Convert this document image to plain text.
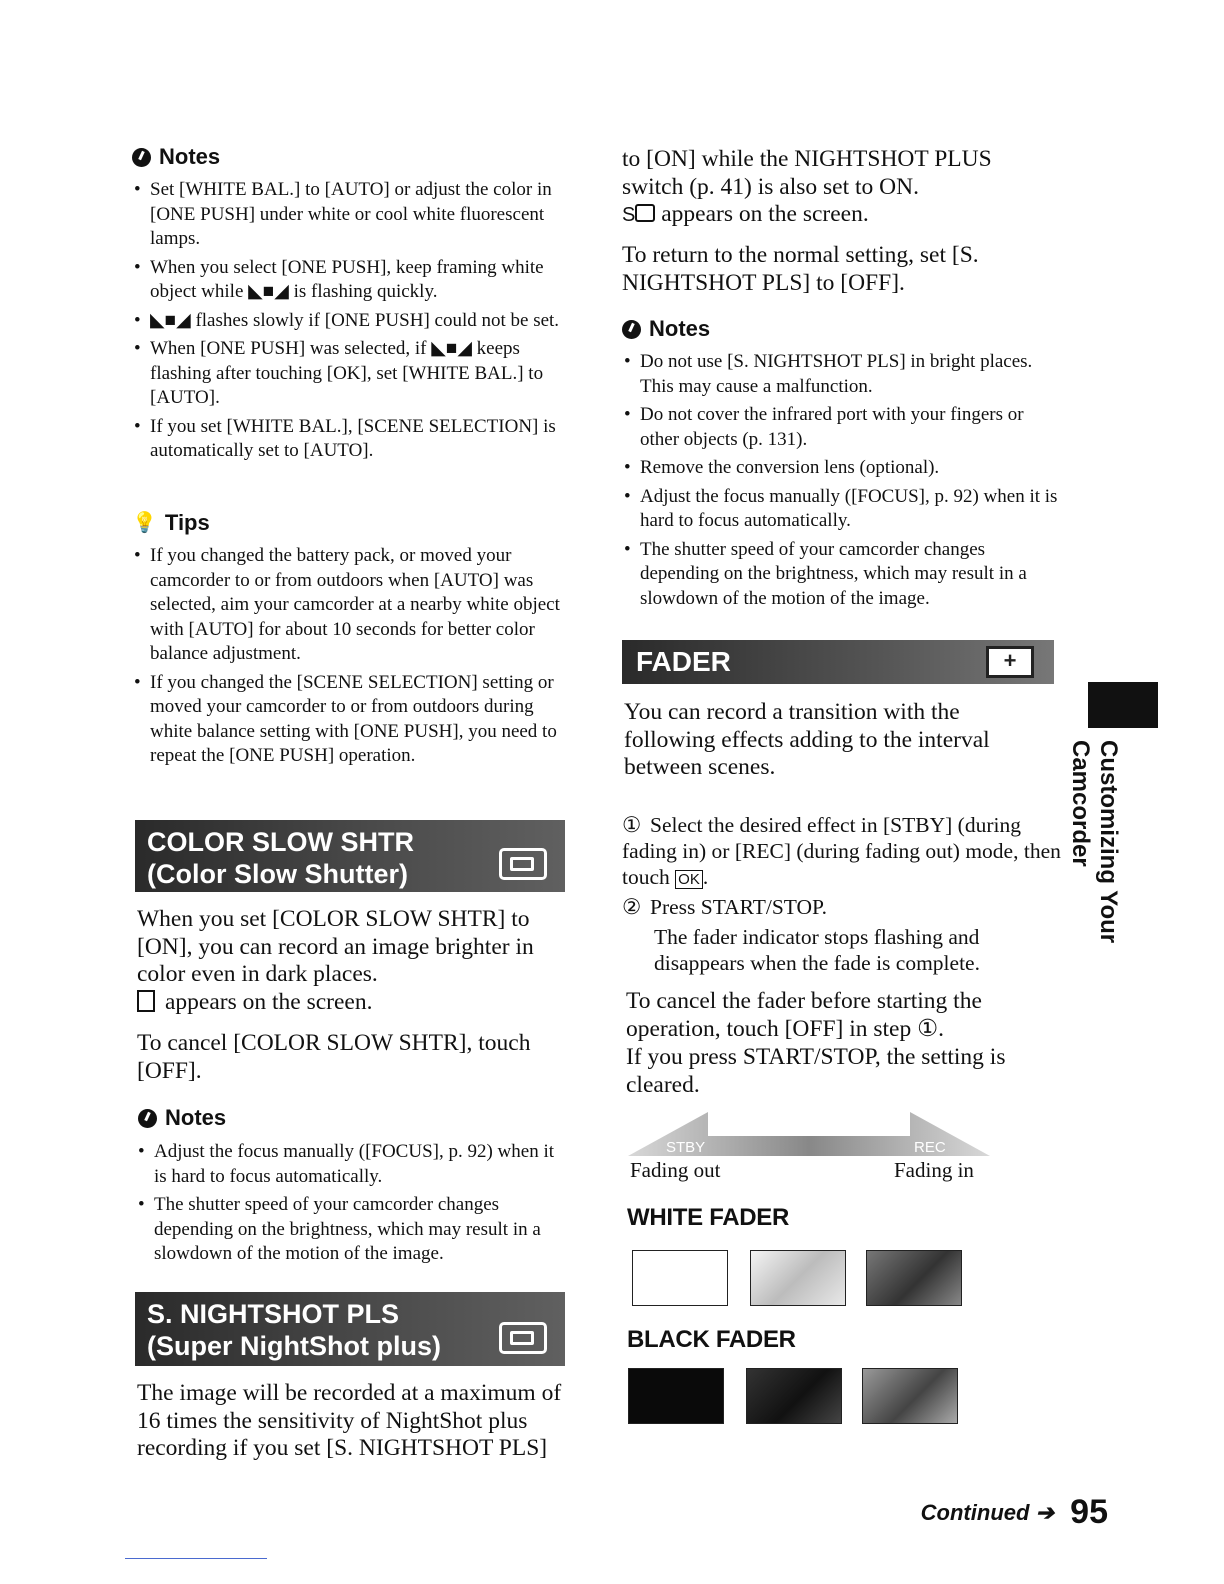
Notes
• Set [WHITE BAL.] to [AUTO] or adjust the color in [ONE PUSH] under white or cool white fluorescent lamps.
• When you select [ONE PUSH], keep framing white object while ◣■◢ is flashing quickly.
• ◣■◢ flashes slowly if [ONE PUSH] could not be set.
• When [ONE PUSH] was selected, if ◣■◢ keeps flashing after touching [OK], set [WHITE BAL.] to [AUTO].
• If you set [WHITE BAL.], [SCENE SELECTION] is automatically set to [AUTO].
💡 Tips
• If you changed the battery pack, or moved your camcorder to or from outdoors when [AUTO] was selected, aim your camcorder at a nearby white object with [AUTO] for about 10 seconds for better color balance adjustment.
• If you changed the [SCENE SELECTION] setting or moved your camcorder to or from outdoors during white balance setting with [ONE PUSH], you need to repeat the [ONE PUSH] operation.
COLOR SLOW SHTR
(Color Slow Shutter)
When you set [COLOR SLOW SHTR] to [ON], you can record an image brighter in color even in dark places.
appears on the screen.
To cancel [COLOR SLOW SHTR], touch [OFF].
Notes
• Adjust the focus manually ([FOCUS], p. 92) when it is hard to focus automatically.
• The shutter speed of your camcorder changes depending on the brightness, which may result in a slowdown of the motion of the image.
S. NIGHTSHOT PLS
(Super NightShot plus)
The image will be recorded at a maximum of 16 times the sensitivity of NightShot plus recording if you set [S. NIGHTSHOT PLS]
to [ON] while the NIGHTSHOT PLUS switch (p. 41) is also set to ON.
S appears on the screen.
To return to the normal setting, set [S. NIGHTSHOT PLS] to [OFF].
Notes
• Do not use [S. NIGHTSHOT PLS] in bright places. This may cause a malfunction.
• Do not cover the infrared port with your fingers or other objects (p. 131).
• Remove the conversion lens (optional).
• Adjust the focus manually ([FOCUS], p. 92) when it is hard to focus automatically.
• The shutter speed of your camcorder changes depending on the brightness, which may result in a slowdown of the motion of the image.
FADER	+
You can record a transition with the following effects adding to the interval between scenes.
① Select the desired effect in [STBY] (during fading in) or [REC] (during fading out) mode, then touch OK .
② Press START/STOP.
The fader indicator stops flashing and disappears when the fade is complete.
To cancel the fader before starting the operation, touch [OFF] in step ①.
If you press START/STOP, the setting is cleared.
STBY	REC
Fading out	Fading in
WHITE FADER
BLACK FADER
Customizing Your Camcorder
Continued ➔ 95
